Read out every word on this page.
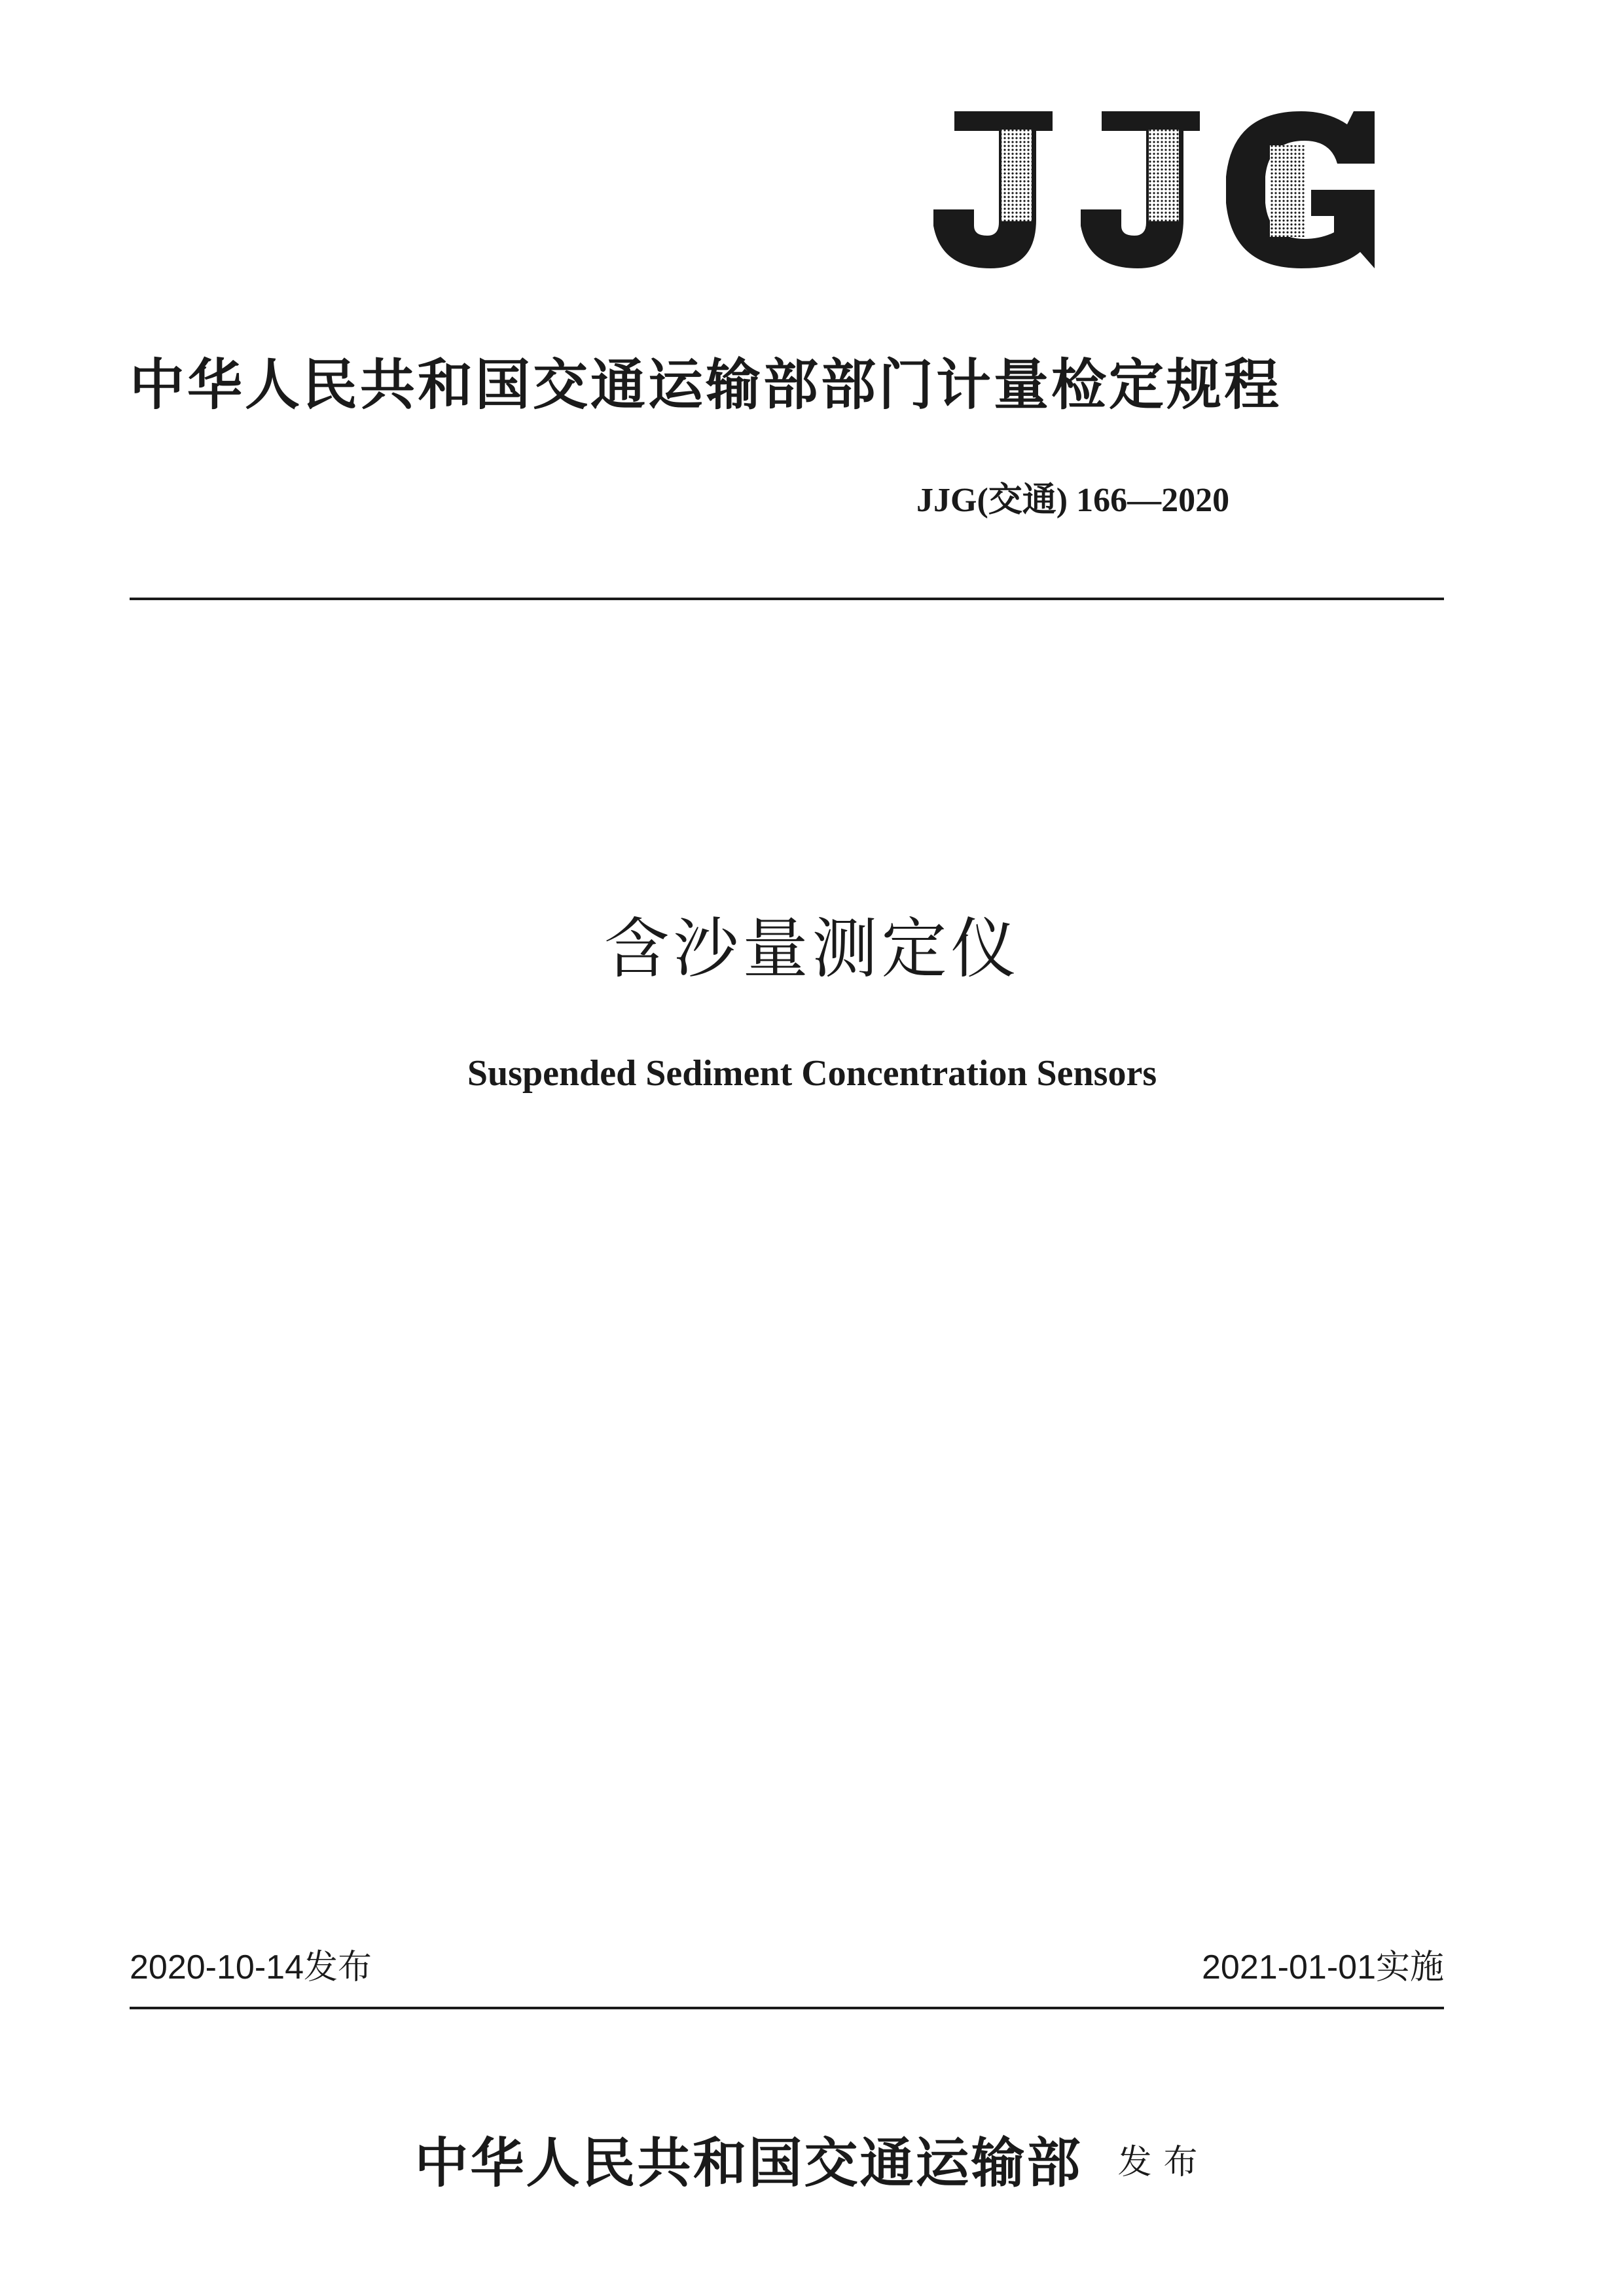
中华人民共和国交通运输部部门计量检定规程
JJG(交通) 166—2020
含沙量测定仪
Suspended Sediment Concentration Sensors
2020-10-14发布	2021-01-01实施
中华人民共和国交通运输部 发布
